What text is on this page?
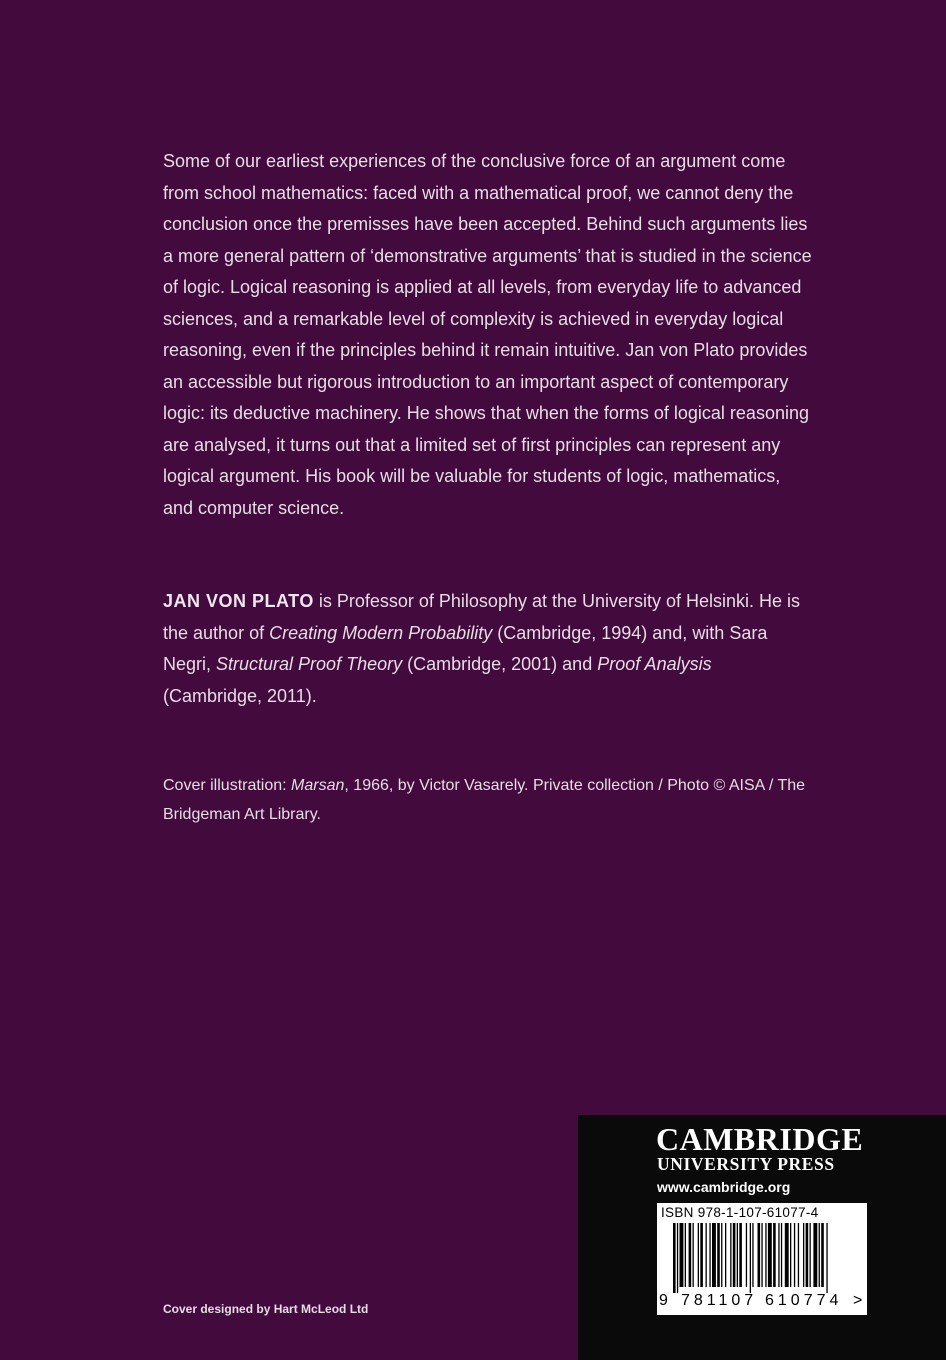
Some of our earliest experiences of the conclusive force of an argument come from school mathematics: faced with a mathematical proof, we cannot deny the conclusion once the premisses have been accepted. Behind such arguments lies a more general pattern of ‘demonstrative arguments’ that is studied in the science of logic. Logical reasoning is applied at all levels, from everyday life to advanced sciences, and a remarkable level of complexity is achieved in everyday logical reasoning, even if the principles behind it remain intuitive. Jan von Plato provides an accessible but rigorous introduction to an important aspect of contemporary logic: its deductive machinery. He shows that when the forms of logical reasoning are analysed, it turns out that a limited set of first principles can represent any logical argument. His book will be valuable for students of logic, mathematics, and computer science.

JAN VON PLATO is Professor of Philosophy at the University of Helsinki. He is the author of Creating Modern Probability (Cambridge, 1994) and, with Sara Negri, Structural Proof Theory (Cambridge, 2001) and Proof Analysis (Cambridge, 2011).

Cover illustration: Marsan, 1966, by Victor Vasarely. Private collection / Photo © AISA / The Bridgeman Art Library.

Cover designed by Hart McLeod Ltd
CAMBRIDGE
UNIVERSITY PRESS
www.cambridge.org
ISBN 978-1-107-61077-4
9 781107 610774 >
